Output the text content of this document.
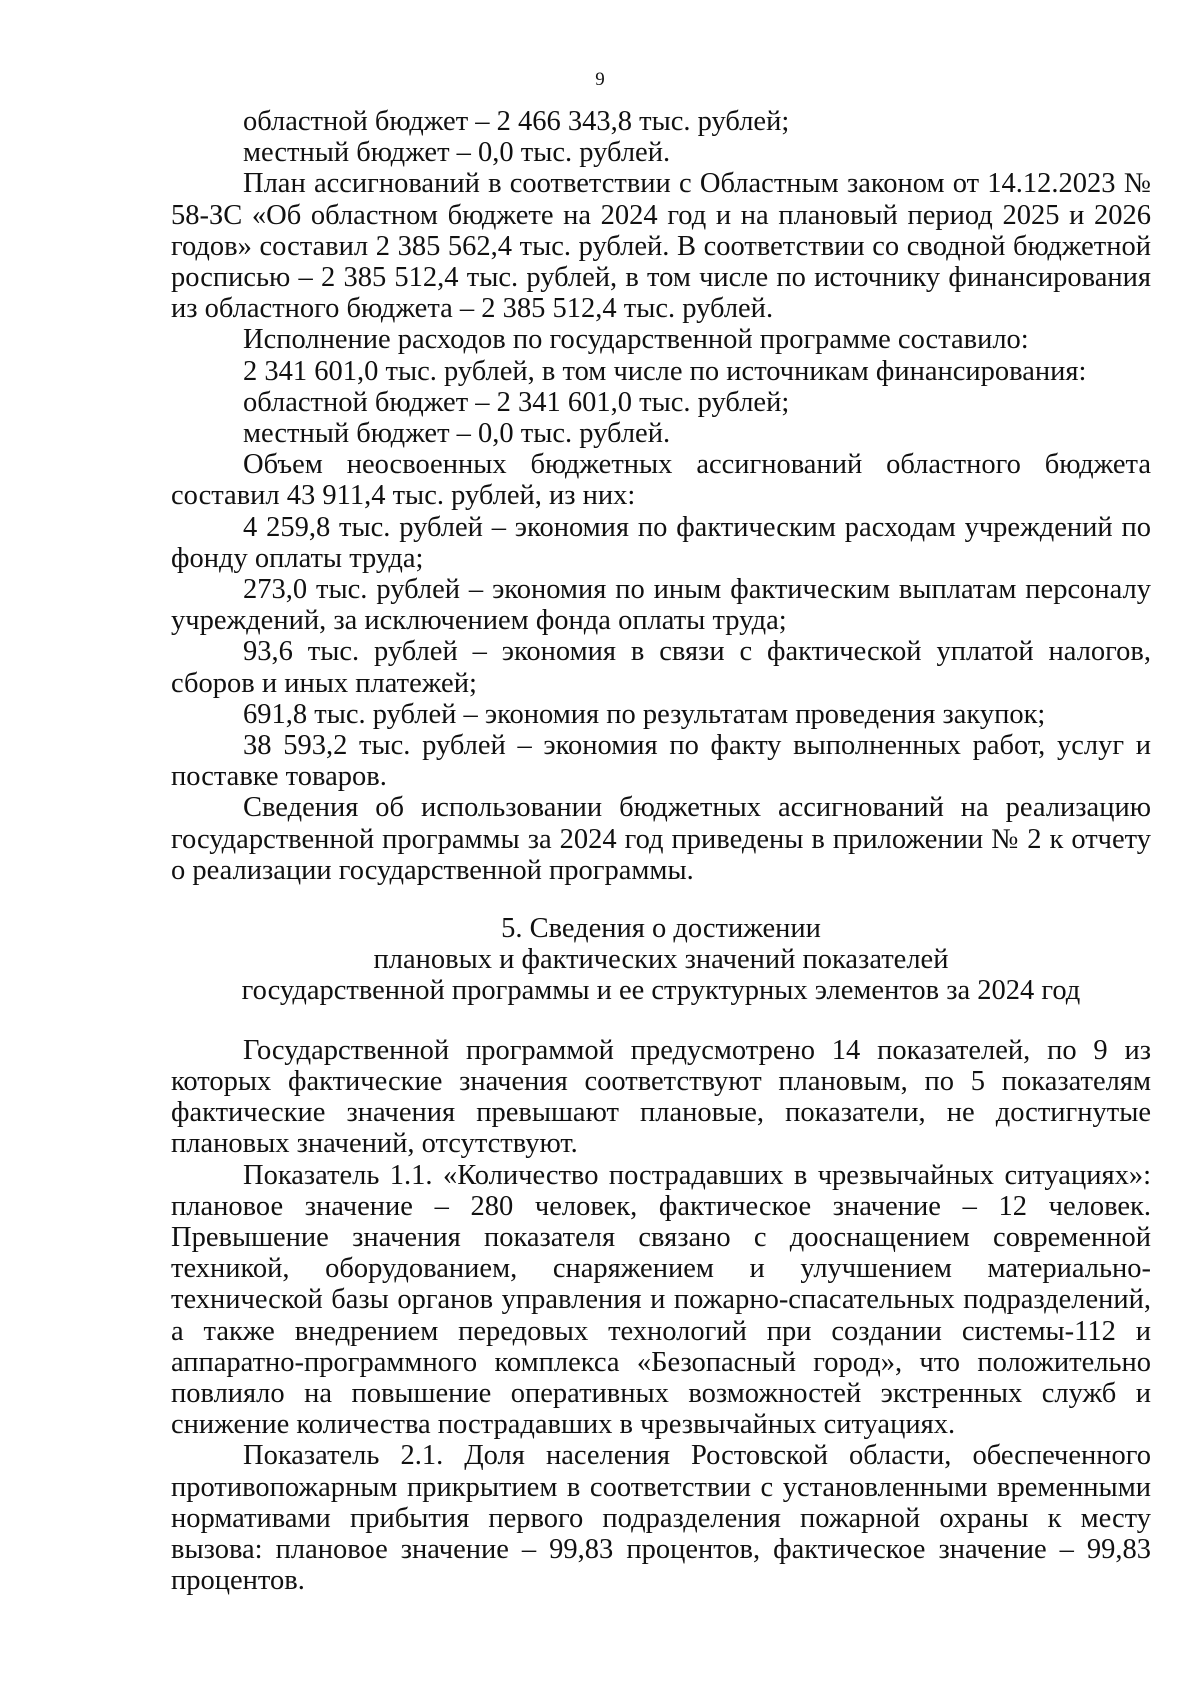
9

областной бюджет – 2 466 343,8 тыс. рублей;

местный бюджет – 0,0 тыс. рублей.

План ассигнований в соответствии с Областным законом от 14.12.2023 № 58-ЗС «Об областном бюджете на 2024 год и на плановый период 2025 и 2026 годов» составил 2 385 562,4 тыс. рублей. В соответствии со сводной бюджетной росписью – 2 385 512,4 тыс. рублей, в том числе по источнику финансирования из областного бюджета – 2 385 512,4 тыс. рублей.

Исполнение расходов по государственной программе составило:

2 341 601,0 тыс. рублей, в том числе по источникам финансирования:

областной бюджет – 2 341 601,0 тыс. рублей;

местный бюджет – 0,0 тыс. рублей.

Объем неосвоенных бюджетных ассигнований областного бюджета составил 43 911,4 тыс. рублей, из них:

4 259,8 тыс. рублей – экономия по фактическим расходам учреждений по фонду оплаты труда;

273,0 тыс. рублей – экономия по иным фактическим выплатам персоналу учреждений, за исключением фонда оплаты труда;

93,6 тыс. рублей – экономия в связи с фактической уплатой налогов, сборов и иных платежей;

691,8 тыс. рублей – экономия по результатам проведения закупок;

38 593,2 тыс. рублей – экономия по факту выполненных работ, услуг и поставке товаров.

Сведения об использовании бюджетных ассигнований на реализацию государственной программы за 2024 год приведены в приложении № 2 к отчету о реализации государственной программы.

5. Сведения о достижении
плановых и фактических значений показателей
государственной программы и ее структурных элементов за 2024 год

Государственной программой предусмотрено 14 показателей, по 9 из которых фактические значения соответствуют плановым, по 5 показателям фактические значения превышают плановые, показатели, не достигнутые плановых значений, отсутствуют.

Показатель 1.1. «Количество пострадавших в чрезвычайных ситуациях»: плановое значение – 280 человек, фактическое значение – 12 человек. Превышение значения показателя связано с дооснащением современной техникой, оборудованием, снаряжением и улучшением материально-технической базы органов управления и пожарно-спасательных подразделений, а также внедрением передовых технологий при создании системы-112 и аппаратно-программного комплекса «Безопасный город», что положительно повлияло на повышение оперативных возможностей экстренных служб и снижение количества пострадавших в чрезвычайных ситуациях.

Показатель 2.1. Доля населения Ростовской области, обеспеченного противопожарным прикрытием в соответствии с установленными временными нормативами прибытия первого подразделения пожарной охраны к месту вызова: плановое значение – 99,83 процентов, фактическое значение – 99,83 процентов.
